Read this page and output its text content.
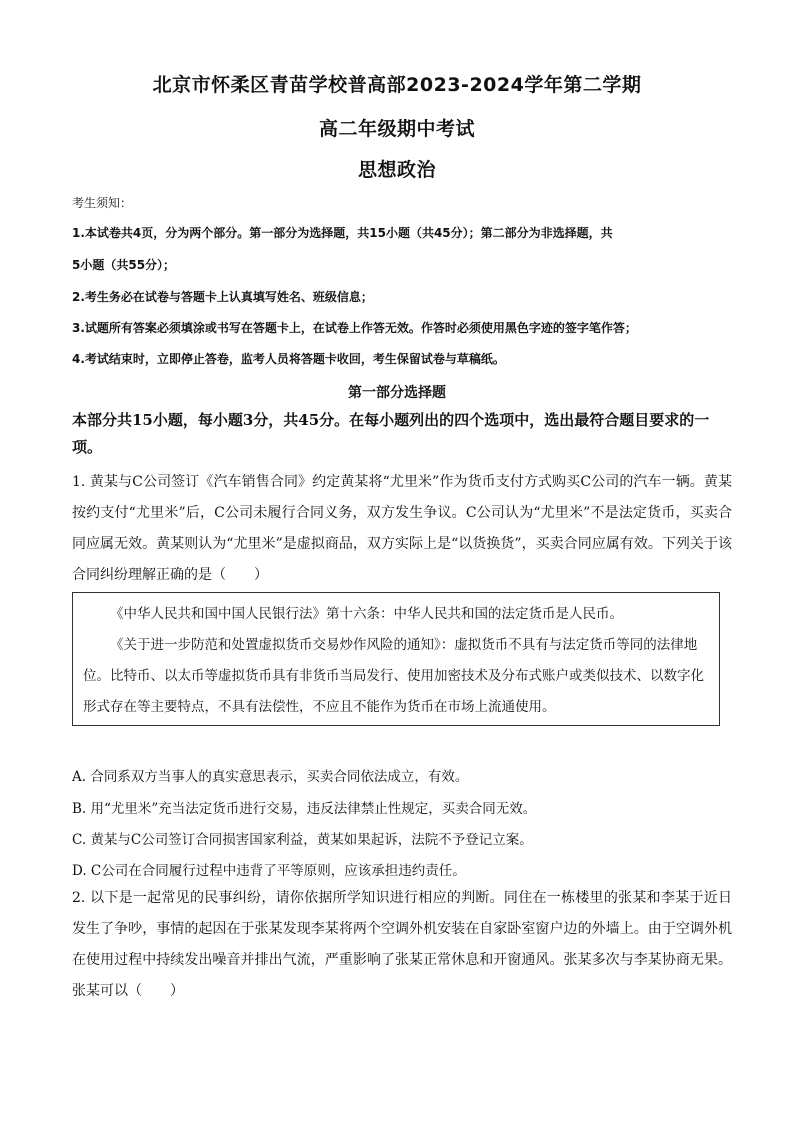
北京市怀柔区青苗学校普高部2023-2024学年第二学期
高二年级期中考试
思想政治
考生须知：
1.本试卷共4页，分为两个部分。第一部分为选择题，共15小题（共45分）；第二部分为非选择题，共
5小题（共55分）；
2.考生务必在试卷与答题卡上认真填写姓名、班级信息；
3.试题所有答案必须填涂或书写在答题卡上，在试卷上作答无效。作答时必须使用黑色字迹的签字笔作答；
4.考试结束时，立即停止答卷，监考人员将答题卡收回，考生保留试卷与草稿纸。
第一部分选择题
本部分共15小题，每小题3分，共45分。在每小题列出的四个选项中，选出最符合题目要求的一项。
1. 黄某与C公司签订《汽车销售合同》约定黄某将“尤里米”作为货币支付方式购买C公司的汽车一辆。黄某按约支付“尤里米”后，C公司未履行合同义务，双方发生争议。C公司认为“尤里米”不是法定货币，买卖合同应属无效。黄某则认为“尤里米”是虚拟商品，双方实际上是“以货换货”，买卖合同应属有效。下列关于该合同纠纷理解正确的是（　　）

《中华人民共和国中国人民银行法》第十六条：中华人民共和国的法定货币是人民币。

《关于进一步防范和处置虚拟货币交易炒作风险的通知》：虚拟货币不具有与法定货币等同的法律地位。比特币、以太币等虚拟货币具有非货币当局发行、使用加密技术及分布式账户或类似技术、以数字化形式存在等主要特点，不具有法偿性，不应且不能作为货币在市场上流通使用。

A. 合同系双方当事人的真实意思表示，买卖合同依法成立，有效。
B. 用“尤里米”充当法定货币进行交易，违反法律禁止性规定，买卖合同无效。
C. 黄某与C公司签订合同损害国家利益，黄某如果起诉，法院不予登记立案。
D. C公司在合同履行过程中违背了平等原则，应该承担违约责任。
2. 以下是一起常见的民事纠纷，请你依据所学知识进行相应的判断。同住在一栋楼里的张某和李某于近日发生了争吵，事情的起因在于张某发现李某将两个空调外机安装在自家卧室窗户边的外墙上。由于空调外机在使用过程中持续发出噪音并排出气流，严重影响了张某正常休息和开窗通风。张某多次与李某协商无果。张某可以（　　）
